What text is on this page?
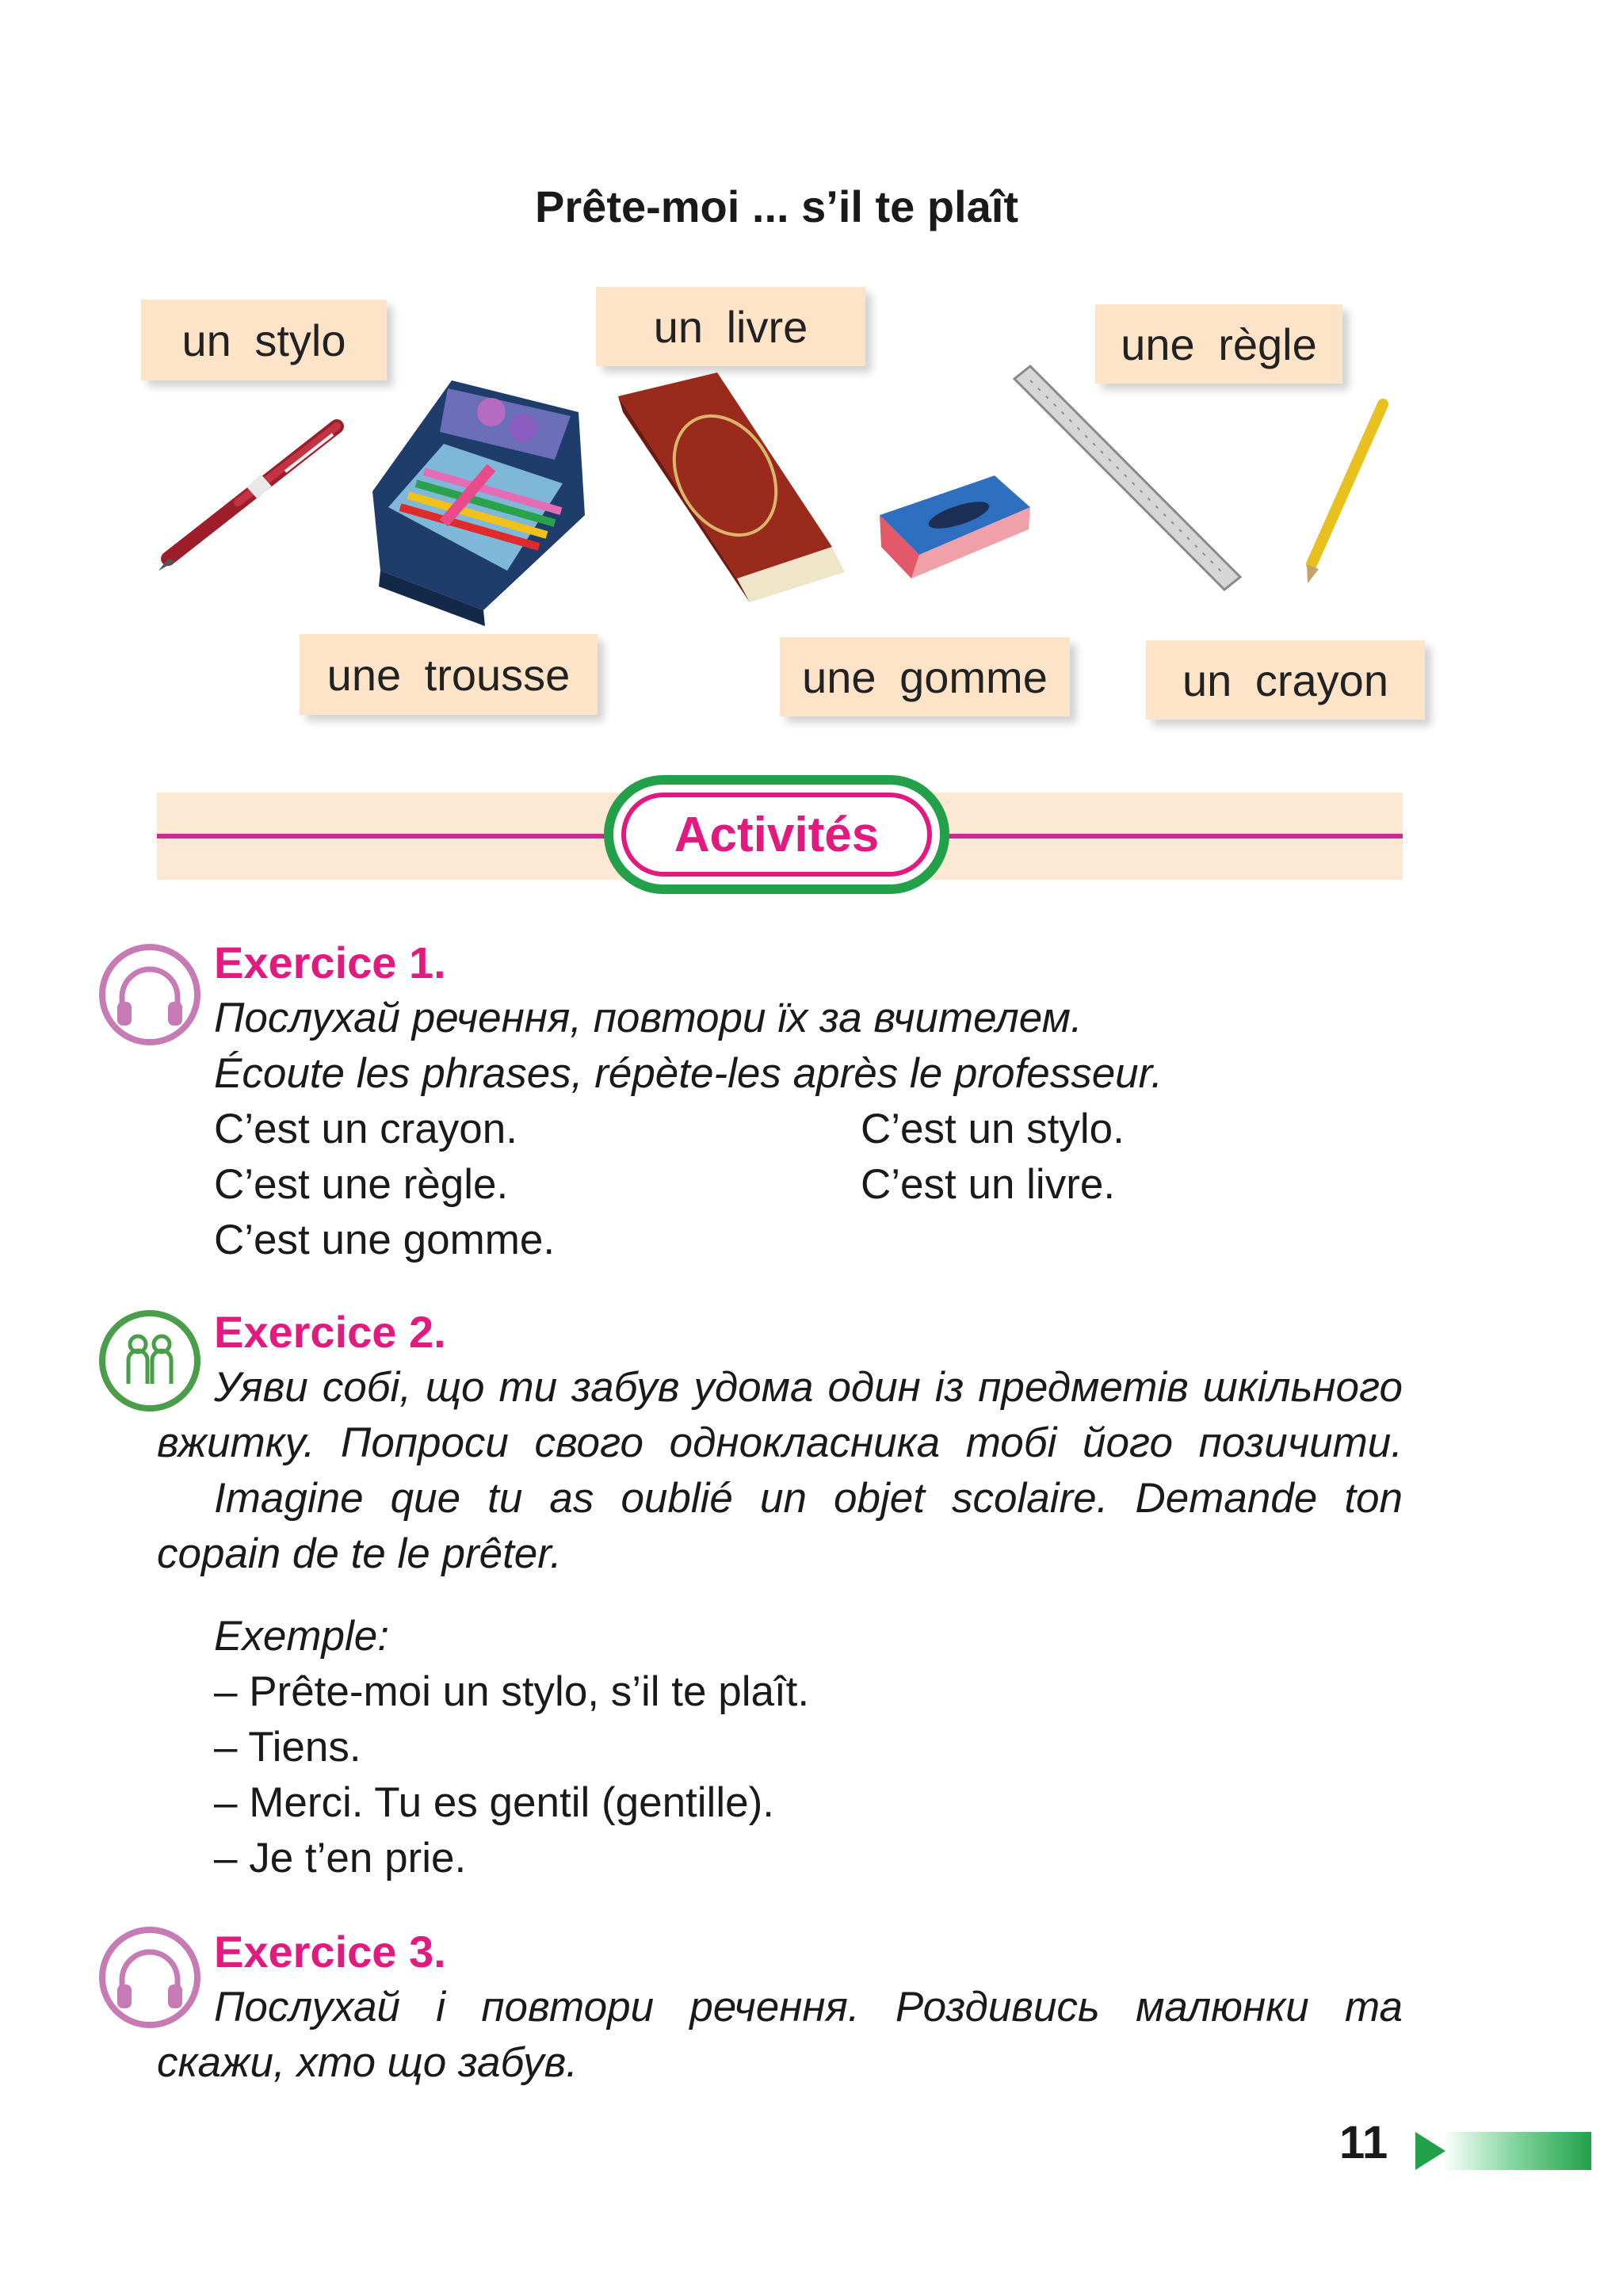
Prête-moi ... s’il te plaît
un stylo	un livre	une règle
une trousse	une gomme	un crayon
Activités
Exercice 1.
Послухай речення, повтори їх за вчителем.
Écoute les phrases, répète-les après le professeur.
C’est un crayon.	C’est un stylo.
C’est une règle.	C’est un livre.
C’est une gomme.
Exercice 2.
Уяви собі, що ти забув удома один із предметів шкільного
вжитку. Попроси свого однокласника тобі його позичити.
Imagine que tu as oublié un objet scolaire. Demande ton
copain de te le prêter.
Exemple:
– Prête-moi un stylo, s’il te plaît.
– Tiens.
– Merci. Tu es gentil (gentille).
– Je t’en prie.
Exercice 3.
Послухай і повтори речення. Роздивись малюнки та
скажи, хто що забув.
11
